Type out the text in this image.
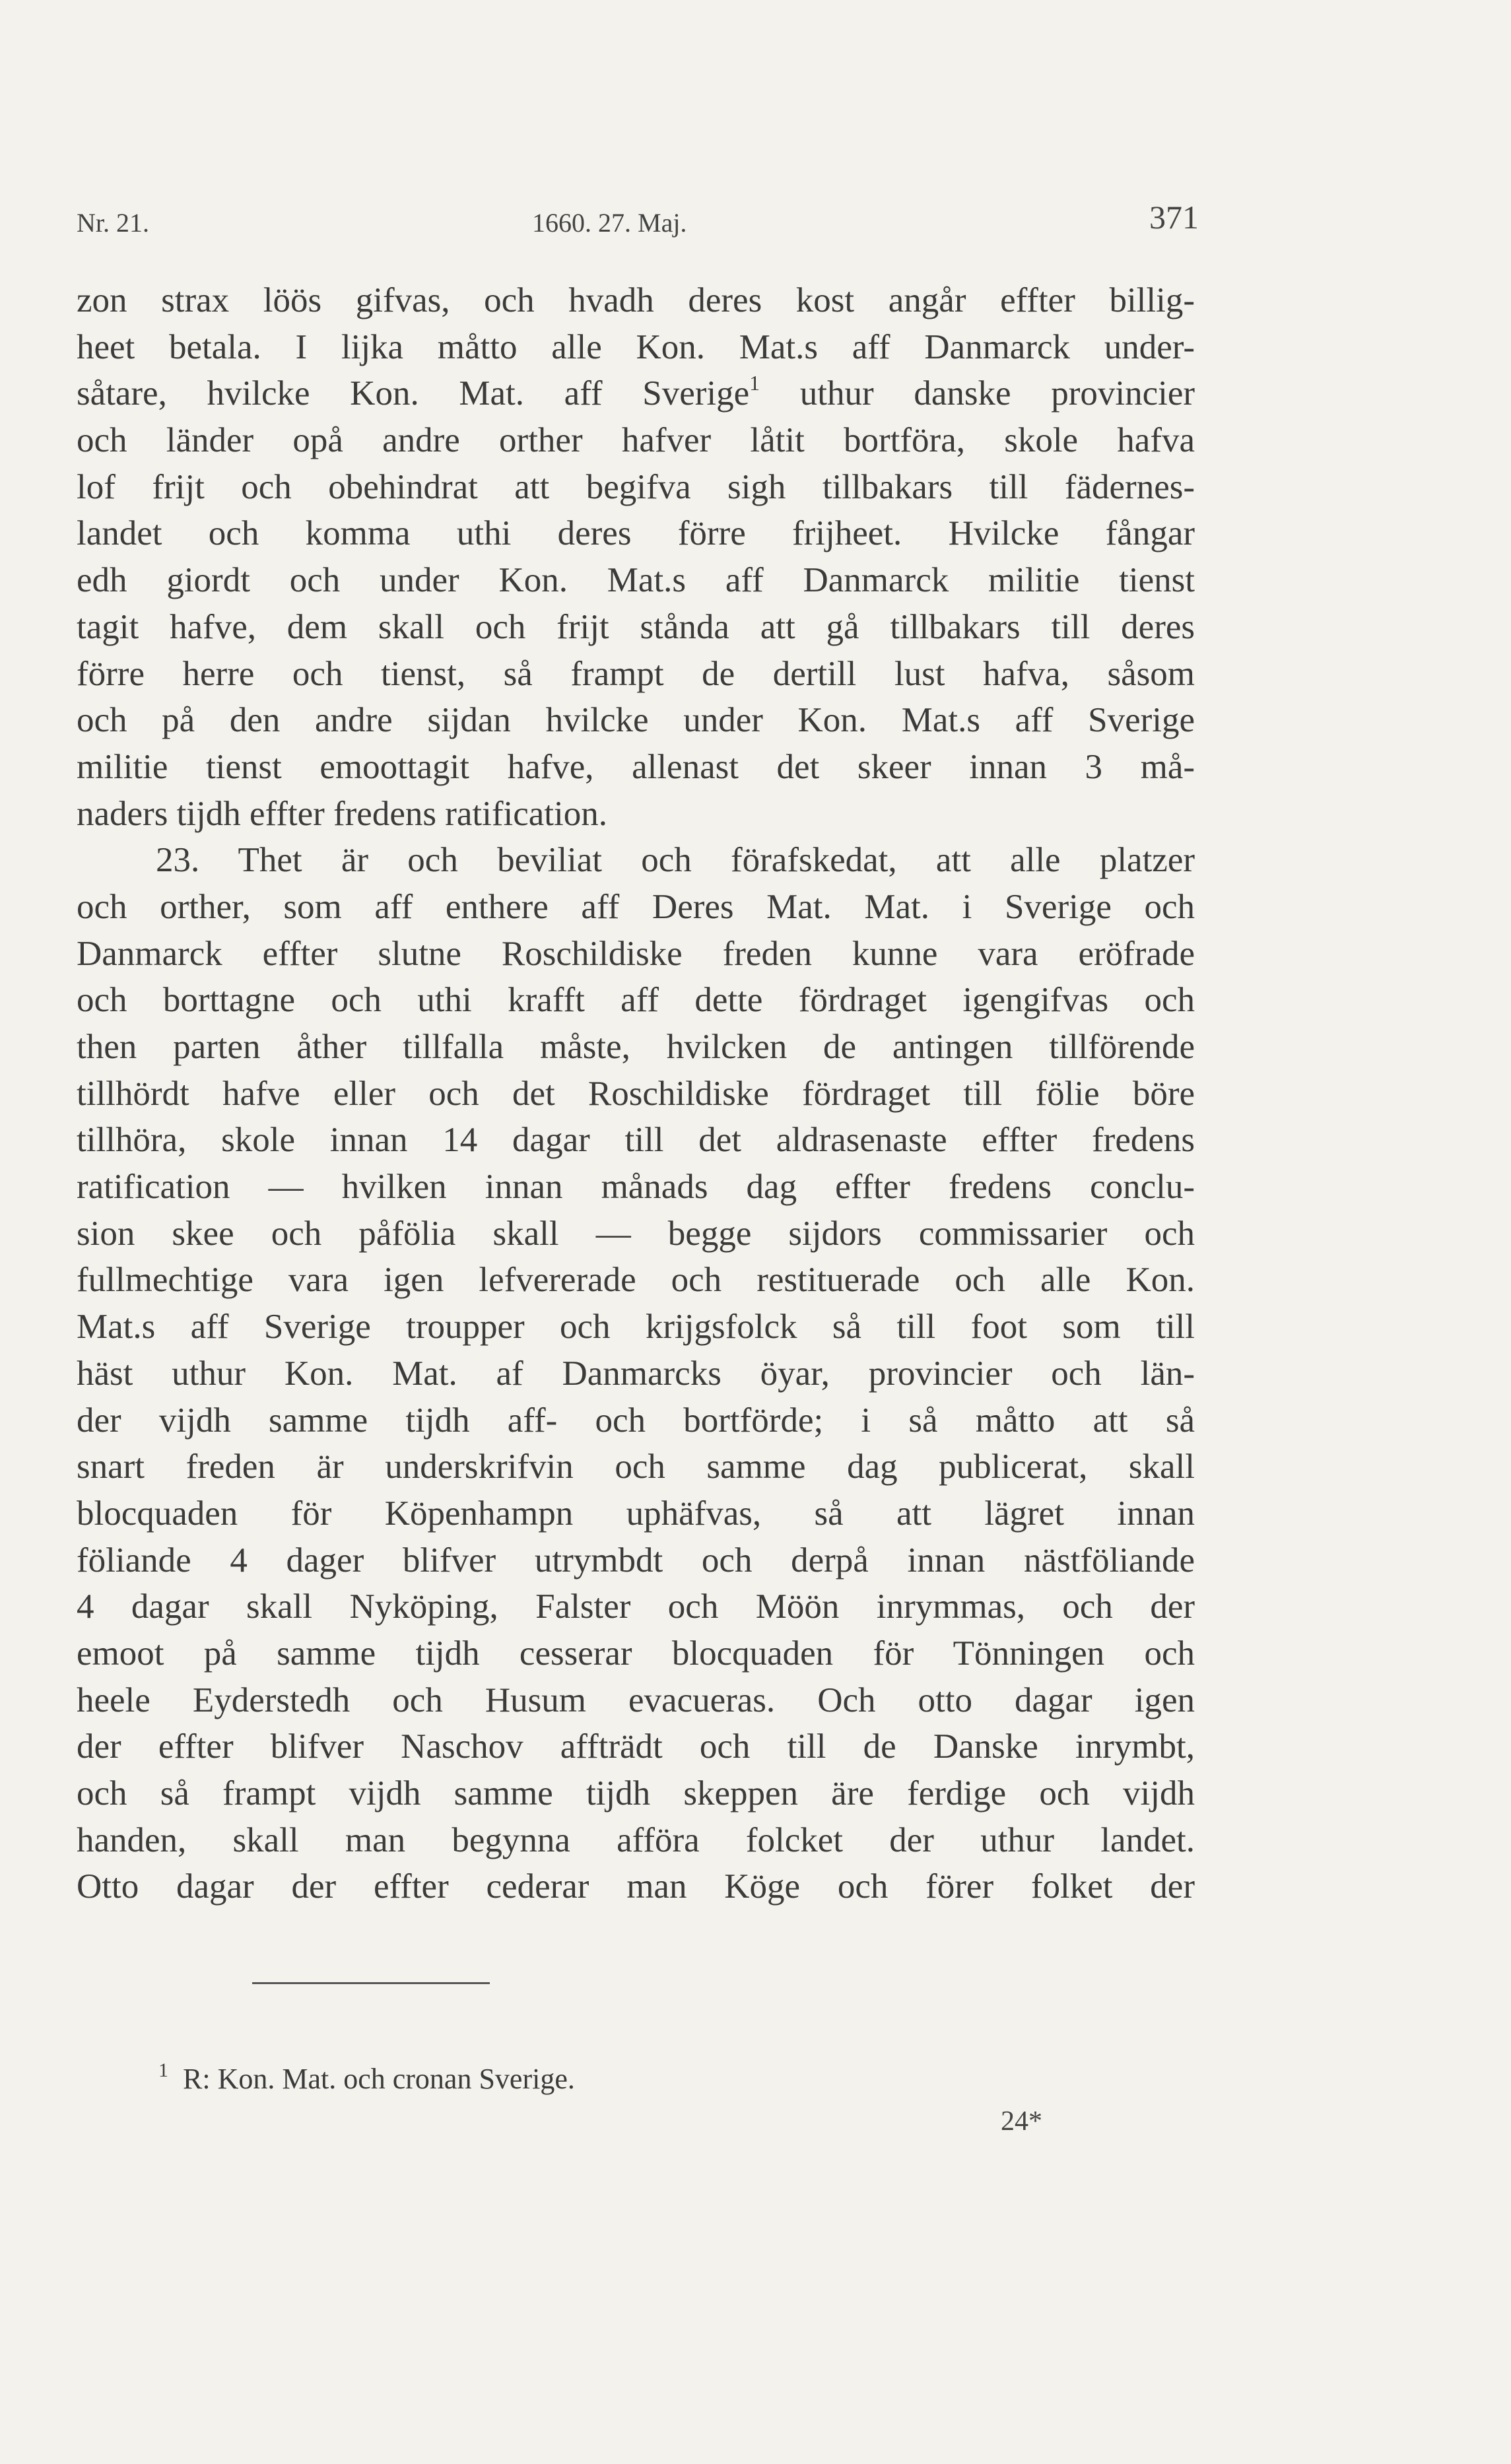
Nr. 21.	1660. 27. Maj.	371
zon strax löös gifvas, och hvadh deres kost angår effter billig-
heet betala. I lijka måtto alle Kon. Mat.s aff Danmarck under-
såtare, hvilcke Kon. Mat. aff Sverige$^1$ uthur danske provincier
och länder opå andre orther hafver låtit bortföra, skole hafva
lof frijt och obehindrat att begifva sigh tillbakars till fädernes-
landet och komma uthi deres förre frijheet. Hvilcke fångar
edh giordt och under Kon. Mat.s aff Danmarck militie tienst
tagit hafve, dem skall och frijt stånda att gå tillbakars till deres
förre herre och tienst, så frampt de dertill lust hafva, såsom
och på den andre sijdan hvilcke under Kon. Mat.s aff Sverige
militie tienst emoottagit hafve, allenast det skeer innan 3 må-
naders tijdh effter fredens ratification.
23. Thet är och beviliat och förafskedat, att alle platzer
och orther, som aff enthere aff Deres Mat. Mat. i Sverige och
Danmarck effter slutne Roschildiske freden kunne vara eröfrade
och borttagne och uthi krafft aff dette fördraget igengifvas och
then parten åther tillfalla måste, hvilcken de antingen tillförende
tillhördt hafve eller och det Roschildiske fördraget till fölie böre
tillhöra, skole innan 14 dagar till det aldrasenaste effter fredens
ratification — hvilken innan månads dag effter fredens conclu-
sion skee och påfölia skall — begge sijdors commissarier och
fullmechtige vara igen lefvererade och restituerade och alle Kon.
Mat.s aff Sverige troupper och krijgsfolck så till foot som till
häst uthur Kon. Mat. af Danmarcks öyar, provincier och län-
der vijdh samme tijdh aff- och bortförde; i så måtto att så
snart freden är underskrifvin och samme dag publicerat, skall
blocquaden för Köpenhampn uphäfvas, så att lägret innan
föliande 4 dager blifver utrymbdt och derpå innan nästföliande
4 dagar skall Nyköping, Falster och Möön inrymmas, och der
emoot på samme tijdh cesserar blocquaden för Tönningen och
heele Eyderstedh och Husum evacueras. Och otto dagar igen
der effter blifver Naschov affträdt och till de Danske inrymbt,
och så frampt vijdh samme tijdh skeppen äre ferdige och vijdh
handen, skall man begynna afföra folcket der uthur landet.
Otto dagar der effter cederar man Köge och förer folket der
$^1$ R: Kon. Mat. och cronan Sverige.
24*
